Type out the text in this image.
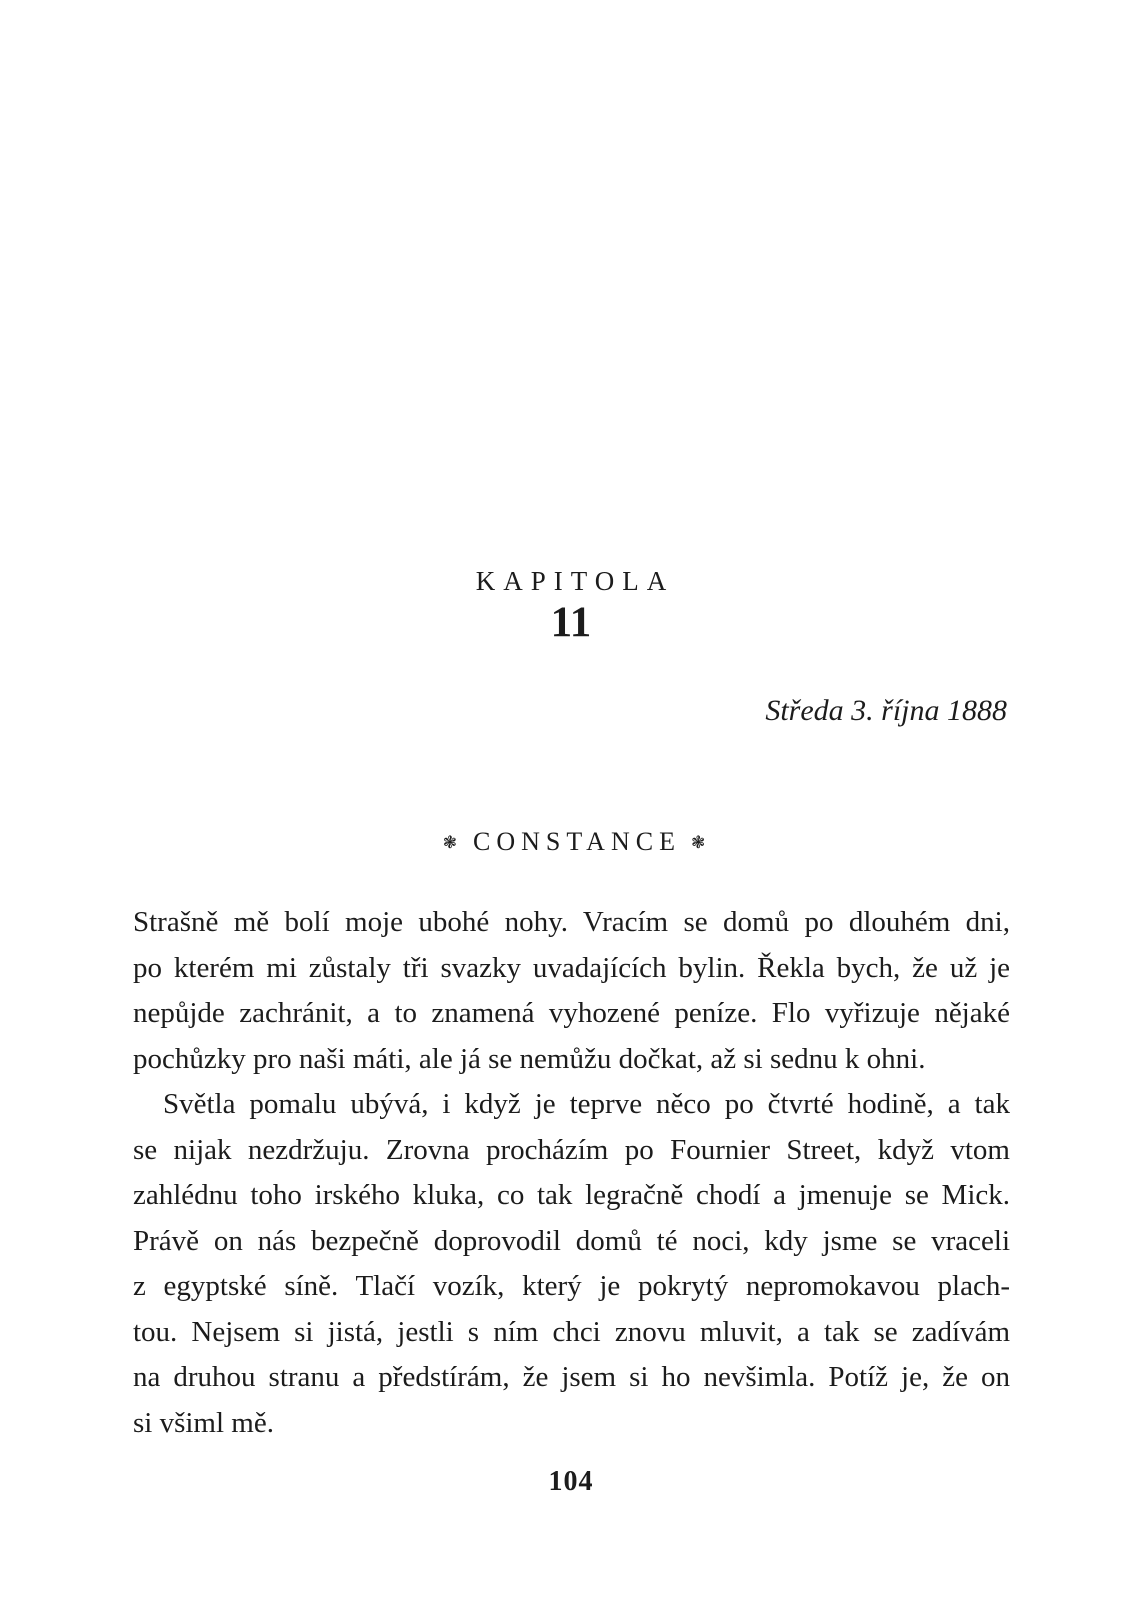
KAPITOLA
11
Středa 3. října 1888
❃ CONSTANCE ❃
Strašně mě bolí moje ubohé nohy. Vracím se domů po dlouhém dni,
po kterém mi zůstaly tři svazky uvadajících bylin. Řekla bych, že už je
nepůjde zachránit, a to znamená vyhozené peníze. Flo vyřizuje nějaké
pochůzky pro naši máti, ale já se nemůžu dočkat, až si sednu k ohni.
Světla pomalu ubývá, i když je teprve něco po čtvrté hodině, a tak
se nijak nezdržuju. Zrovna procházím po Fournier Street, když vtom
zahlédnu toho irského kluka, co tak legračně chodí a jmenuje se Mick.
Právě on nás bezpečně doprovodil domů té noci, kdy jsme se vraceli
z egyptské síně. Tlačí vozík, který je pokrytý nepromokavou plach-
tou. Nejsem si jistá, jestli s ním chci znovu mluvit, a tak se zadívám
na druhou stranu a předstírám, že jsem si ho nevšimla. Potíž je, že on
si všiml mě.
104
